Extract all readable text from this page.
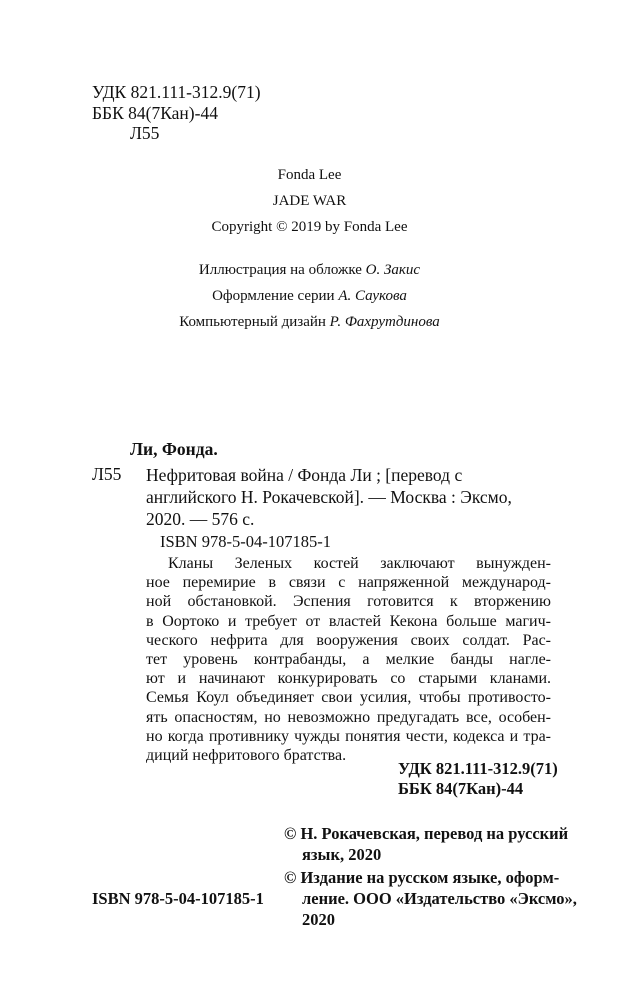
УДК 821.111-312.9(71)
ББК 84(7Кан)-44
Л55
Fonda Lee
JADE WAR
Copyright © 2019 by Fonda Lee
Иллюстрация на обложке О. Закис
Оформление серии А. Саукова
Компьютерный дизайн Р. Фахрутдинова
Ли, Фонда.
Л55 Нефритовая война / Фонда Ли ; [перевод с
английского Н. Рокачевской]. — Москва : Эксмо,
2020. — 576 с.
ISBN 978-5-04-107185-1
Кланы Зеленых костей заключают вынужден-
ное перемирие в связи с напряженной международ-
ной обстановкой. Эспения готовится к вторжению
в Оортоко и требует от властей Кекона больше магич-
ческого нефрита для вооружения своих солдат. Рас-
тет уровень контрабанды, а мелкие банды нагле-
ют и начинают конкурировать со старыми кланами.
Семья Коул объединяет свои усилия, чтобы противосто-
ять опасностям, но невозможно предугадать все, особен-
но когда противнику чужды понятия чести, кодекса и тра-
диций нефритового братства.
УДК 821.111-312.9(71)
ББК 84(7Кан)-44
© Н. Рокачевская, перевод на русский
язык, 2020
© Издание на русском языке, оформ-
ление. ООО «Издательство «Эксмо»,
2020
ISBN 978-5-04-107185-1
